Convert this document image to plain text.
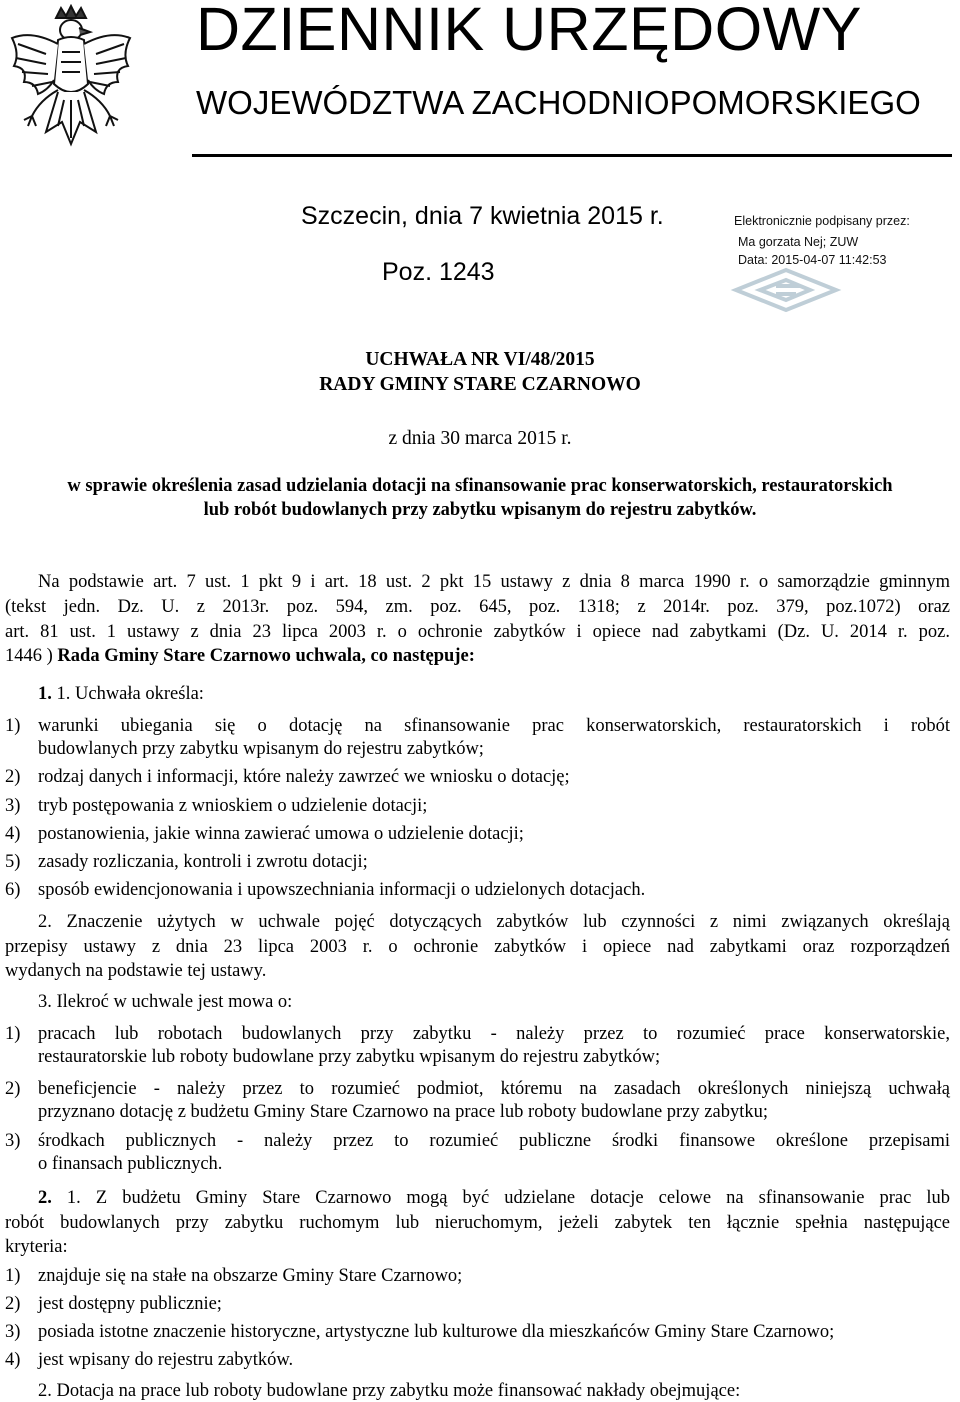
DZIENNIK URZĘDOWY
WOJEWÓDZTWA ZACHODNIOPOMORSKIEGO
Szczecin, dnia 7 kwietnia 2015 r.
Poz. 1243
Elektronicznie podpisany przez:
Ma gorzata Nej; ZUW
Data: 2015-04-07 11:42:53
UCHWAŁA NR VI/48/2015
RADY GMINY STARE CZARNOWO
z dnia 30 marca 2015 r.
w sprawie określenia zasad udzielania dotacji na sfinansowanie prac konserwatorskich, restauratorskich
lub robót budowlanych przy zabytku wpisanym do rejestru zabytków.
Na podstawie art. 7 ust. 1 pkt 9 i art. 18 ust. 2 pkt 15 ustawy z dnia 8 marca 1990 r. o samorządzie gminnym
(tekst jedn. Dz. U. z 2013r. poz. 594, zm. poz. 645, poz. 1318; z 2014r. poz. 379, poz.1072) oraz
art. 81 ust. 1 ustawy z dnia 23 lipca 2003 r. o ochronie zabytków i opiece nad zabytkami (Dz. U. 2014 r. poz.
1446 ) Rada Gminy Stare Czarnowo uchwala, co następuje:
1. 1. Uchwała określa:
1) warunki ubiegania się o dotację na sfinansowanie prac konserwatorskich, restauratorskich i robót
budowlanych przy zabytku wpisanym do rejestru zabytków;
2) rodzaj danych i informacji, które należy zawrzeć we wniosku o dotację;
3) tryb postępowania z wnioskiem o udzielenie dotacji;
4) postanowienia, jakie winna zawierać umowa o udzielenie dotacji;
5) zasady rozliczania, kontroli i zwrotu dotacji;
6) sposób ewidencjonowania i upowszechniania informacji o udzielonych dotacjach.
2. Znaczenie użytych w uchwale pojęć dotyczących zabytków lub czynności z nimi związanych określają
przepisy ustawy z dnia 23 lipca 2003 r. o ochronie zabytków i opiece nad zabytkami oraz rozporządzeń
wydanych na podstawie tej ustawy.
3. Ilekroć w uchwale jest mowa o:
1) pracach lub robotach budowlanych przy zabytku - należy przez to rozumieć prace konserwatorskie,
restauratorskie lub roboty budowlane przy zabytku wpisanym do rejestru zabytków;
2) beneficjencie - należy przez to rozumieć podmiot, któremu na zasadach określonych niniejszą uchwałą
przyznano dotację z budżetu Gminy Stare Czarnowo na prace lub roboty budowlane przy zabytku;
3) środkach publicznych - należy przez to rozumieć publiczne środki finansowe określone przepisami
o finansach publicznych.
2. 1. Z budżetu Gminy Stare Czarnowo mogą być udzielane dotacje celowe na sfinansowanie prac lub
robót budowlanych przy zabytku ruchomym lub nieruchomym, jeżeli zabytek ten łącznie spełnia następujące
kryteria:
1) znajduje się na stałe na obszarze Gminy Stare Czarnowo;
2) jest dostępny publicznie;
3) posiada istotne znaczenie historyczne, artystyczne lub kulturowe dla mieszkańców Gminy Stare Czarnowo;
4) jest wpisany do rejestru zabytków.
2. Dotacja na prace lub roboty budowlane przy zabytku może finansować nakłady obejmujące:
